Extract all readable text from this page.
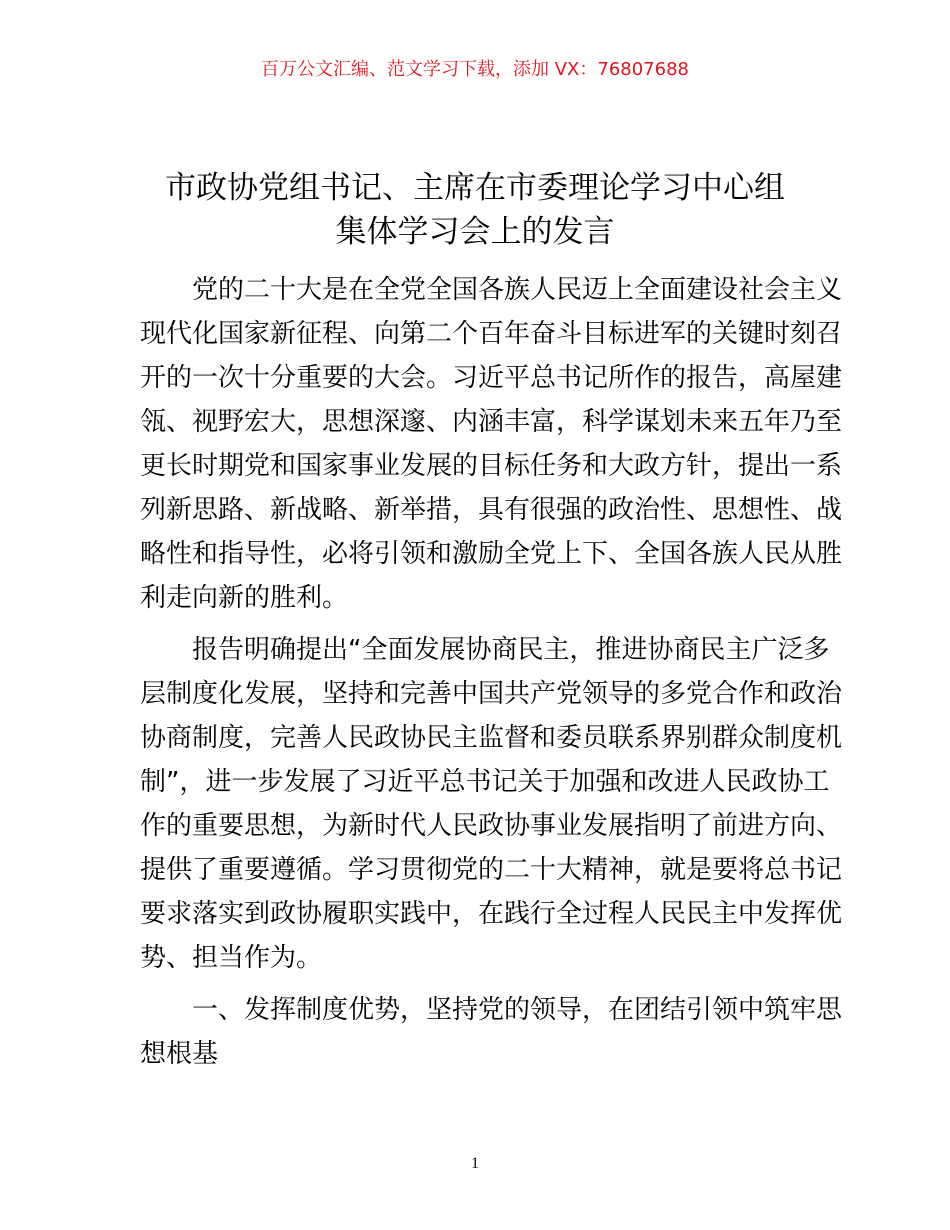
百万公文汇编、范文学习下载，添加 VX：76807688
市政协党组书记、主席在市委理论学习中心组
集体学习会上的发言
党的二十大是在全党全国各族人民迈上全面建设社会主义
现代化国家新征程、向第二个百年奋斗目标进军的关键时刻召
开的一次十分重要的大会。习近平总书记所作的报告，高屋建
瓴、视野宏大，思想深邃、内涵丰富，科学谋划未来五年乃至
更长时期党和国家事业发展的目标任务和大政方针，提出一系
列新思路、新战略、新举措，具有很强的政治性、思想性、战
略性和指导性，必将引领和激励全党上下、全国各族人民从胜
利走向新的胜利。
报告明确提出“全面发展协商民主，推进协商民主广泛多
层制度化发展，坚持和完善中国共产党领导的多党合作和政治
协商制度，完善人民政协民主监督和委员联系界别群众制度机
制”，进一步发展了习近平总书记关于加强和改进人民政协工
作的重要思想，为新时代人民政协事业发展指明了前进方向、
提供了重要遵循。学习贯彻党的二十大精神，就是要将总书记
要求落实到政协履职实践中，在践行全过程人民民主中发挥优
势、担当作为。
一、发挥制度优势，坚持党的领导，在团结引领中筑牢思
想根基
1
